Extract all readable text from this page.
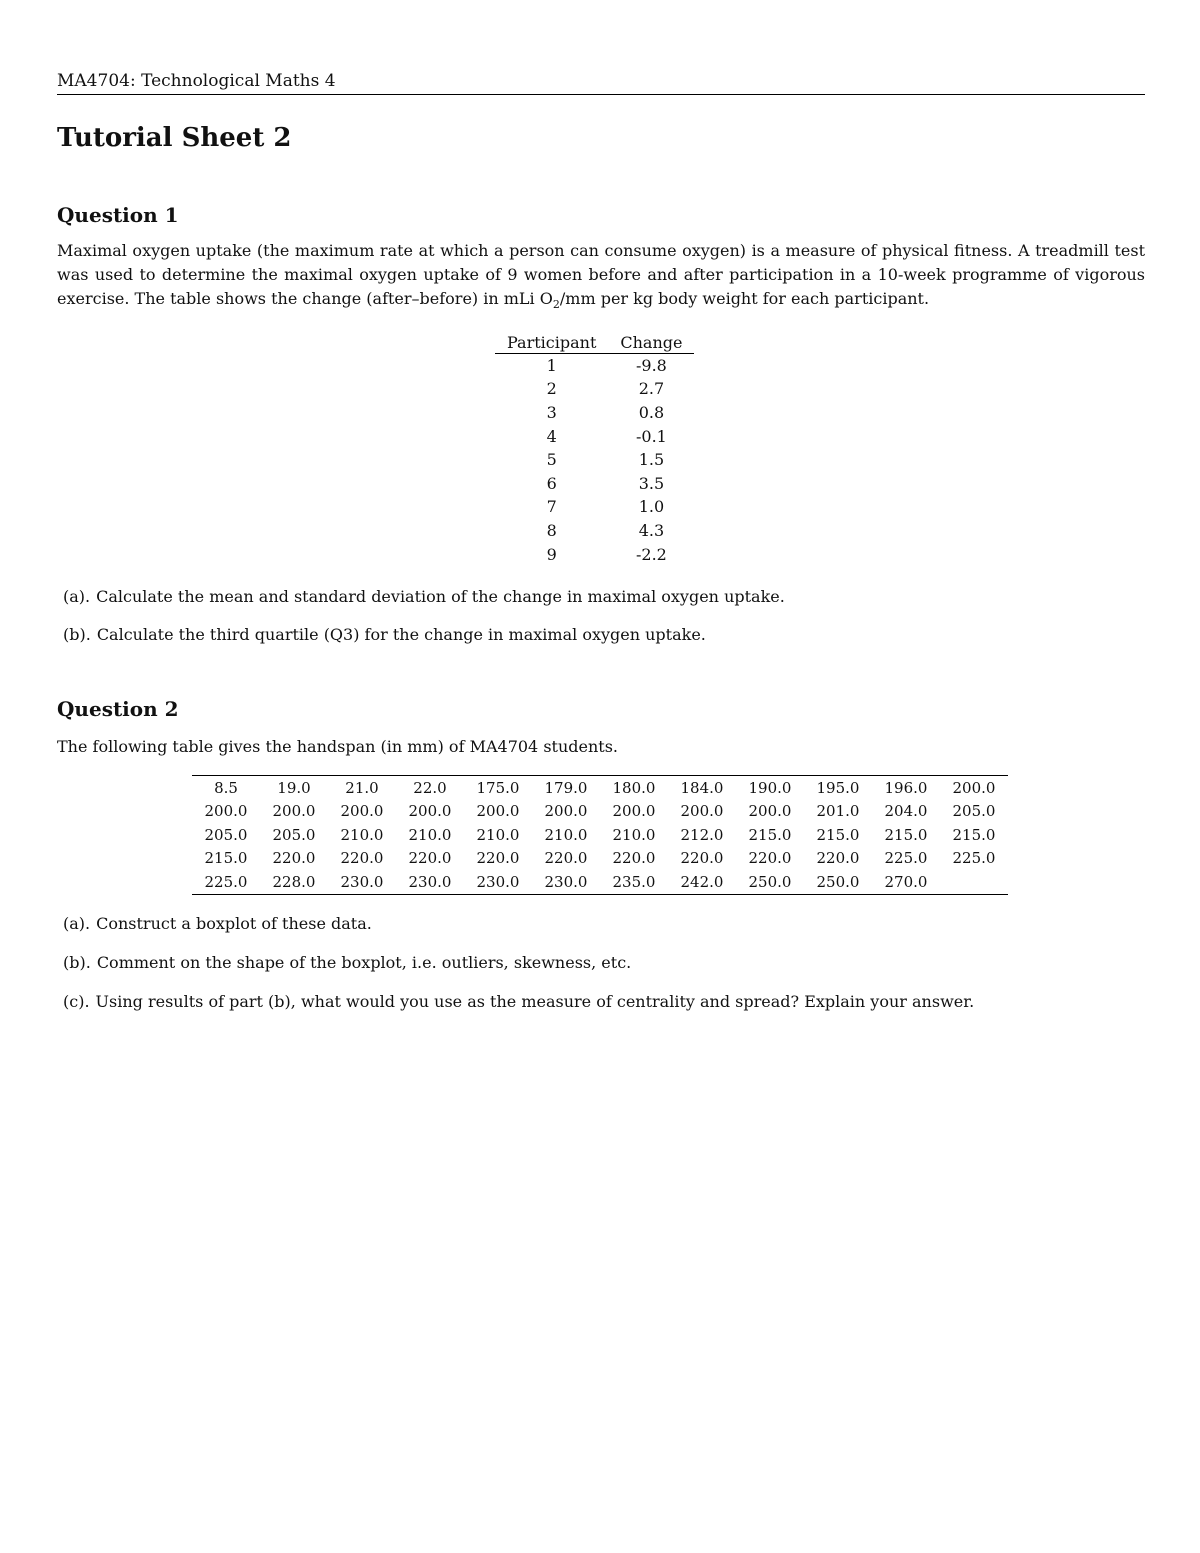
MA4704: Technological Maths 4
Tutorial Sheet 2
Question 1

Maximal oxygen uptake (the maximum rate at which a person can consume oxygen) is a measure of physical fitness. A treadmill test was used to determine the maximal oxygen uptake of 9 women before and after participation in a 10-week programme of vigorous exercise. The table shows the change (after–before) in mLi $O_2/mm$ per kg body weight for each participant.

Participant	Change
1	-9.8
2	2.7
3	0.8
4	-0.1
5	1.5
6	3.5
7	1.0
8	4.3
9	-2.2
(a). Calculate the mean and standard deviation of the change in maximal oxygen uptake.
(b). Calculate the third quartile (Q3) for the change in maximal oxygen uptake.
Question 2

The following table gives the handspan (in mm) of MA4704 students.

8.5	19.0	21.0	22.0	175.0	179.0	180.0	184.0	190.0	195.0	196.0	200.0
200.0	200.0	200.0	200.0	200.0	200.0	200.0	200.0	200.0	201.0	204.0	205.0
205.0	205.0	210.0	210.0	210.0	210.0	210.0	212.0	215.0	215.0	215.0	215.0
215.0	220.0	220.0	220.0	220.0	220.0	220.0	220.0	220.0	220.0	225.0	225.0
225.0	228.0	230.0	230.0	230.0	230.0	235.0	242.0	250.0	250.0	270.0	
(a). Construct a boxplot of these data.
(b). Comment on the shape of the boxplot, i.e. outliers, skewness, etc.
(c). Using results of part (b), what would you use as the measure of centrality and spread? Explain your answer.
